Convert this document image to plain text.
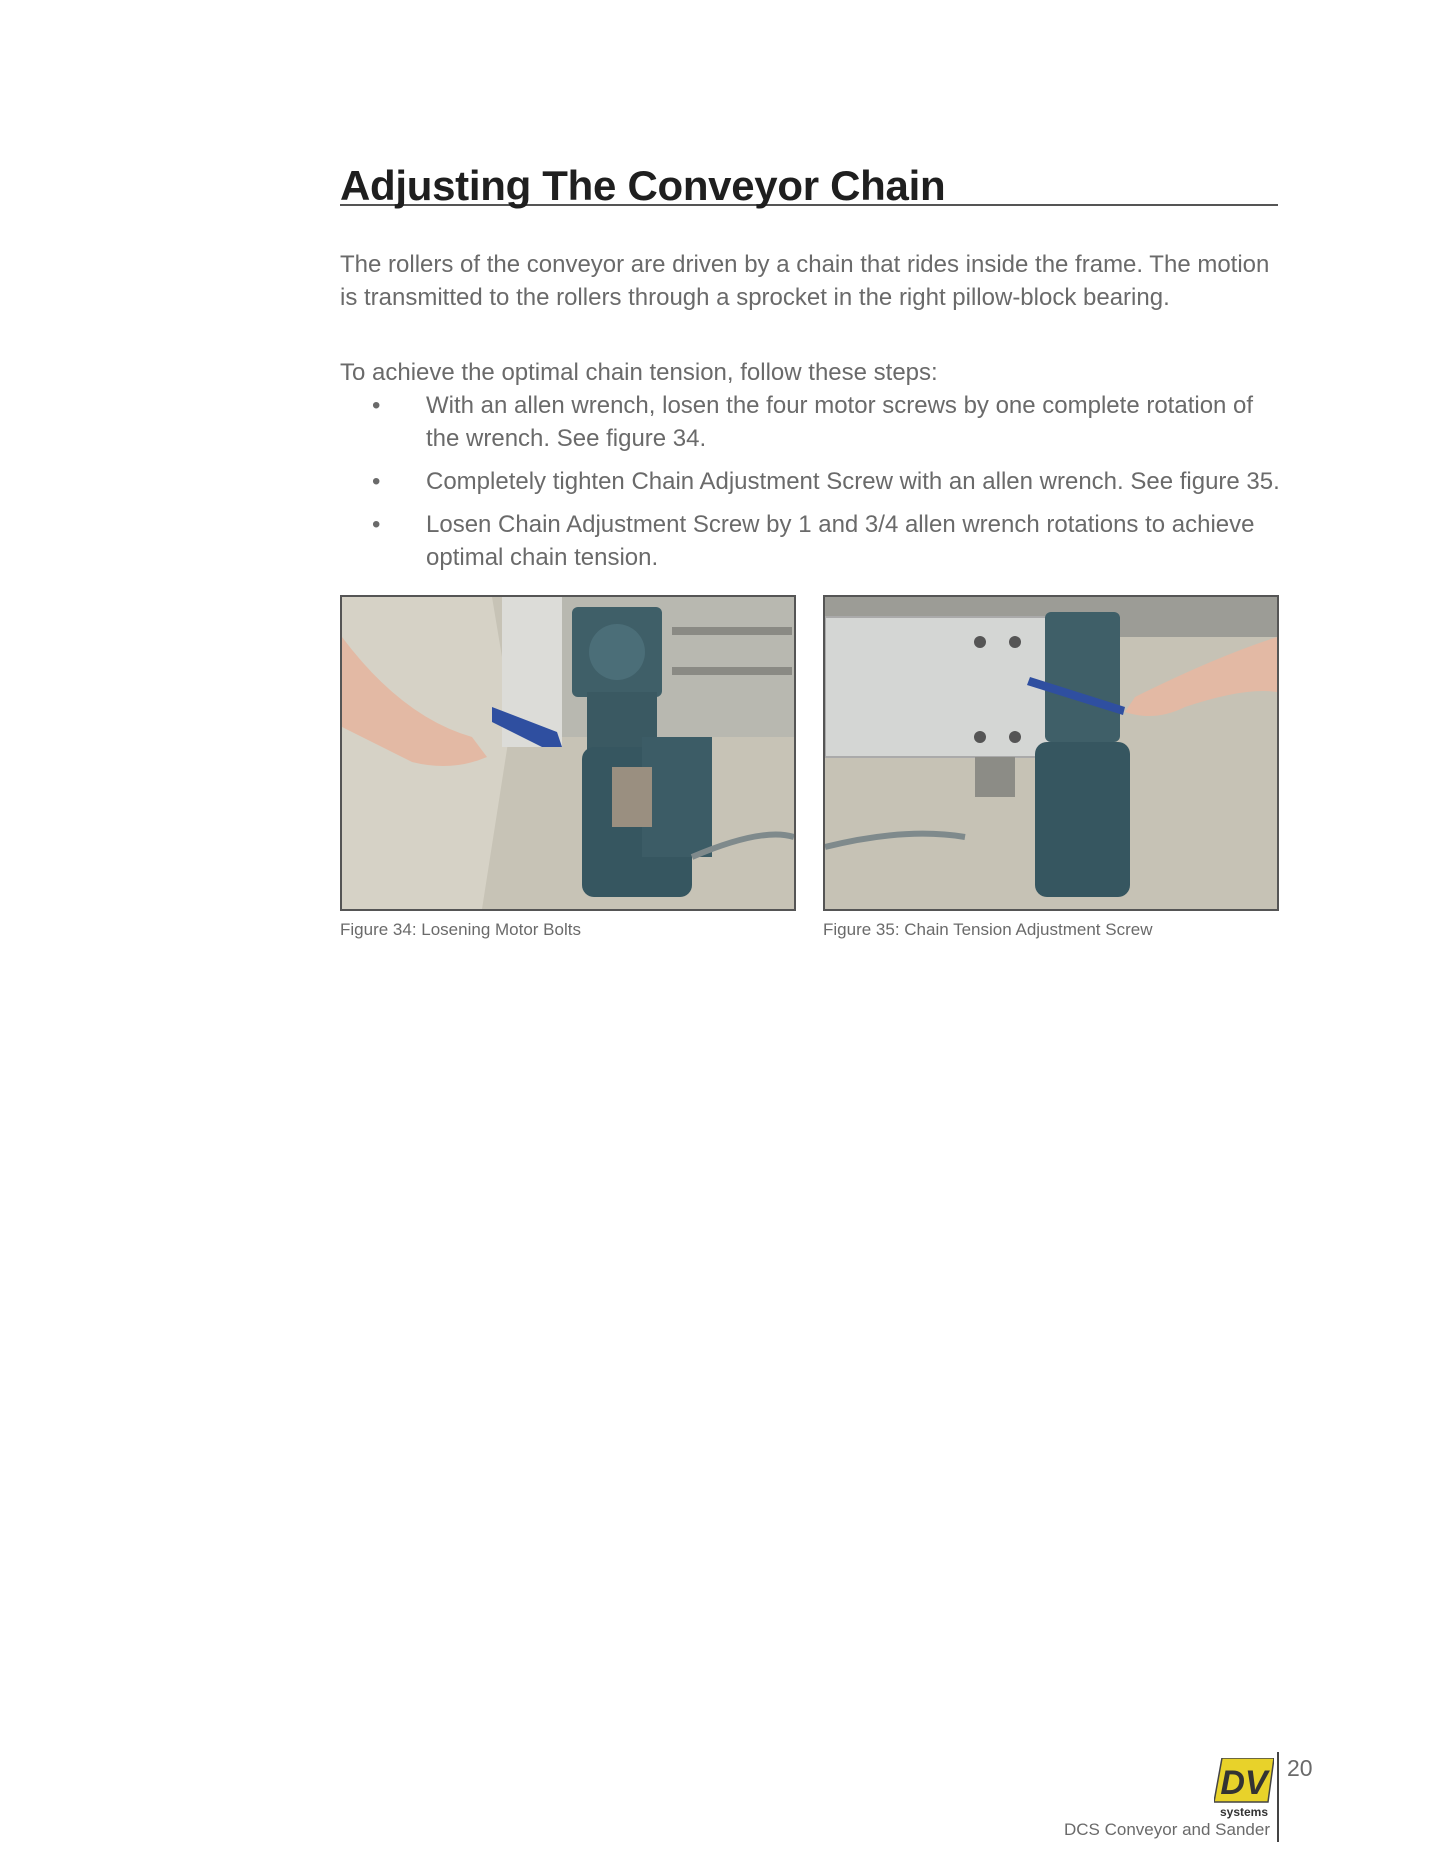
Adjusting The Conveyor Chain
The rollers of the conveyor are driven by a chain that rides inside the frame. The motion is transmitted to the rollers through a sprocket in the right pillow-block bearing.
To achieve the optimal chain tension, follow these steps:
• With an allen wrench, losen the four motor screws by one complete rotation of the wrench. See figure 34.
• Completely tighten Chain Adjustment Screw with an allen wrench. See figure 35.
• Losen Chain Adjustment Screw by 1 and 3/4 allen wrench rotations to achieve optimal chain tension.
Figure 34: Losening Motor Bolts	Figure 35: Chain Tension Adjustment Screw
DV
systems
20
DCS Conveyor and Sander
